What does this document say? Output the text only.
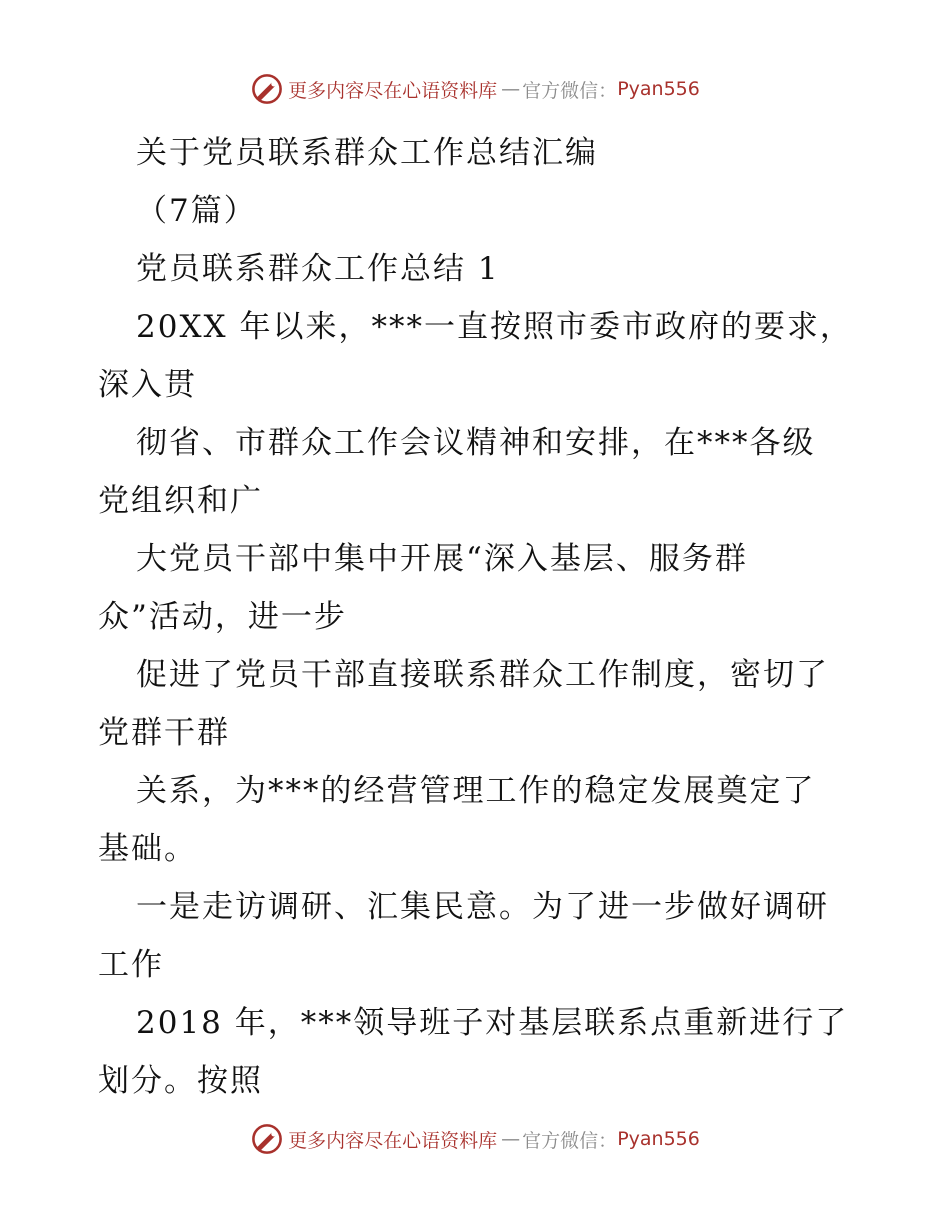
更多内容尽在心语资料库 — 官方微信： Pyan556
关于党员联系群众工作总结汇编
（7篇）
党员联系群众工作总结 1
20XX 年以来，***一直按照市委市政府的要求，
深入贯
彻省、市群众工作会议精神和安排，在***各级
党组织和广
大党员干部中集中开展“深入基层、服务群
众”活动，进一步
促进了党员干部直接联系群众工作制度，密切了
党群干群
关系，为***的经营管理工作的稳定发展奠定了
基础。
一是走访调研、汇集民意。为了进一步做好调研
工作
2018 年，***领导班子对基层联系点重新进行了
划分。按照
更多内容尽在心语资料库 — 官方微信： Pyan556
